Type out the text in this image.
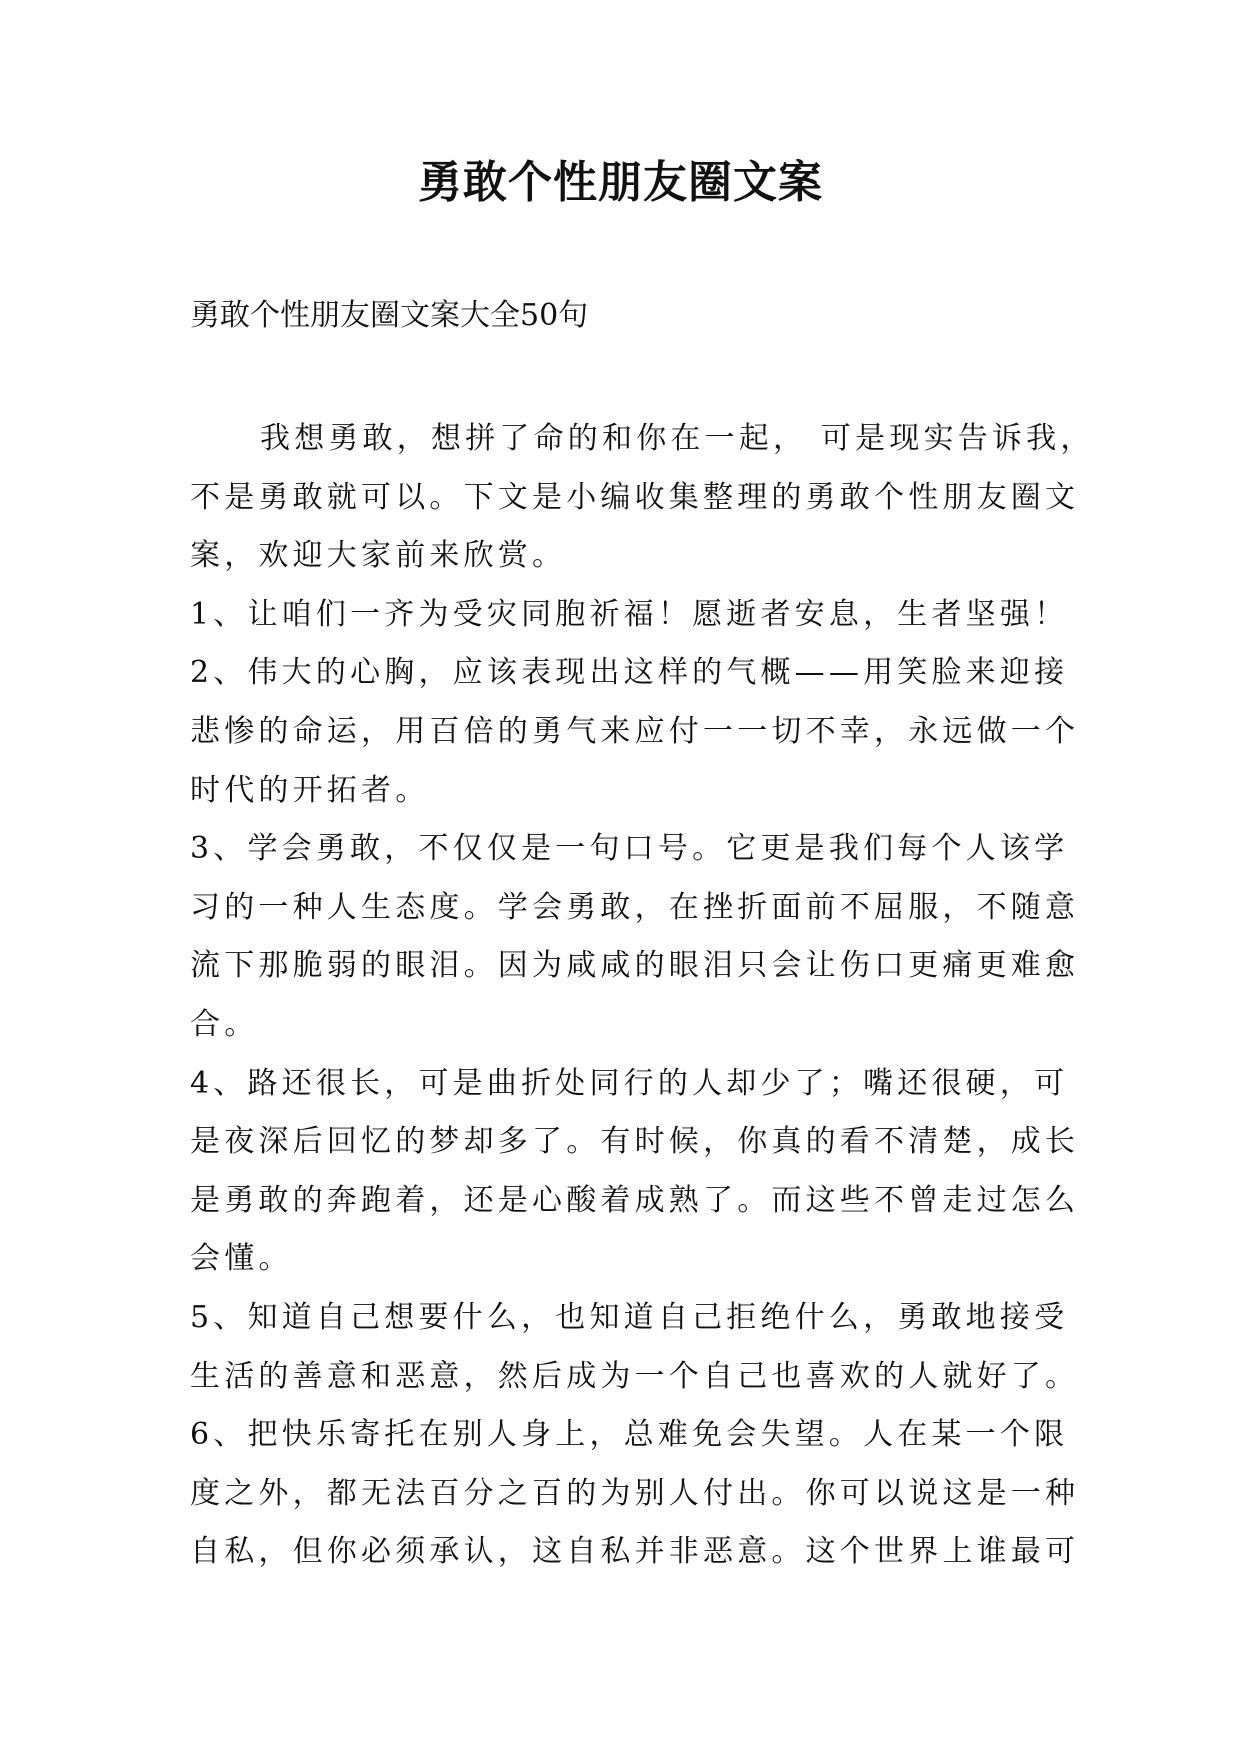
勇敢个性朋友圈文案
勇敢个性朋友圈文案大全50句
我想勇敢，想拼了命的和你在一起， 可是现实告诉我，
不是勇敢就可以。下文是小编收集整理的勇敢个性朋友圈文
案，欢迎大家前来欣赏。
1、让咱们一齐为受灾同胞祈福！愿逝者安息，生者坚强！
2、伟大的心胸，应该表现出这样的气概——用笑脸来迎接
悲惨的命运，用百倍的勇气来应付一一切不幸，永远做一个
时代的开拓者。
3、学会勇敢，不仅仅是一句口号。它更是我们每个人该学
习的一种人生态度。学会勇敢，在挫折面前不屈服，不随意
流下那脆弱的眼泪。因为咸咸的眼泪只会让伤口更痛更难愈
合。
4、路还很长，可是曲折处同行的人却少了；嘴还很硬，可
是夜深后回忆的梦却多了。有时候，你真的看不清楚，成长
是勇敢的奔跑着，还是心酸着成熟了。而这些不曾走过怎么
会懂。
5、知道自己想要什么，也知道自己拒绝什么，勇敢地接受
生活的善意和恶意，然后成为一个自己也喜欢的人就好了。
6、把快乐寄托在别人身上，总难免会失望。人在某一个限
度之外，都无法百分之百的为别人付出。你可以说这是一种
自私，但你必须承认，这自私并非恶意。这个世界上谁最可
